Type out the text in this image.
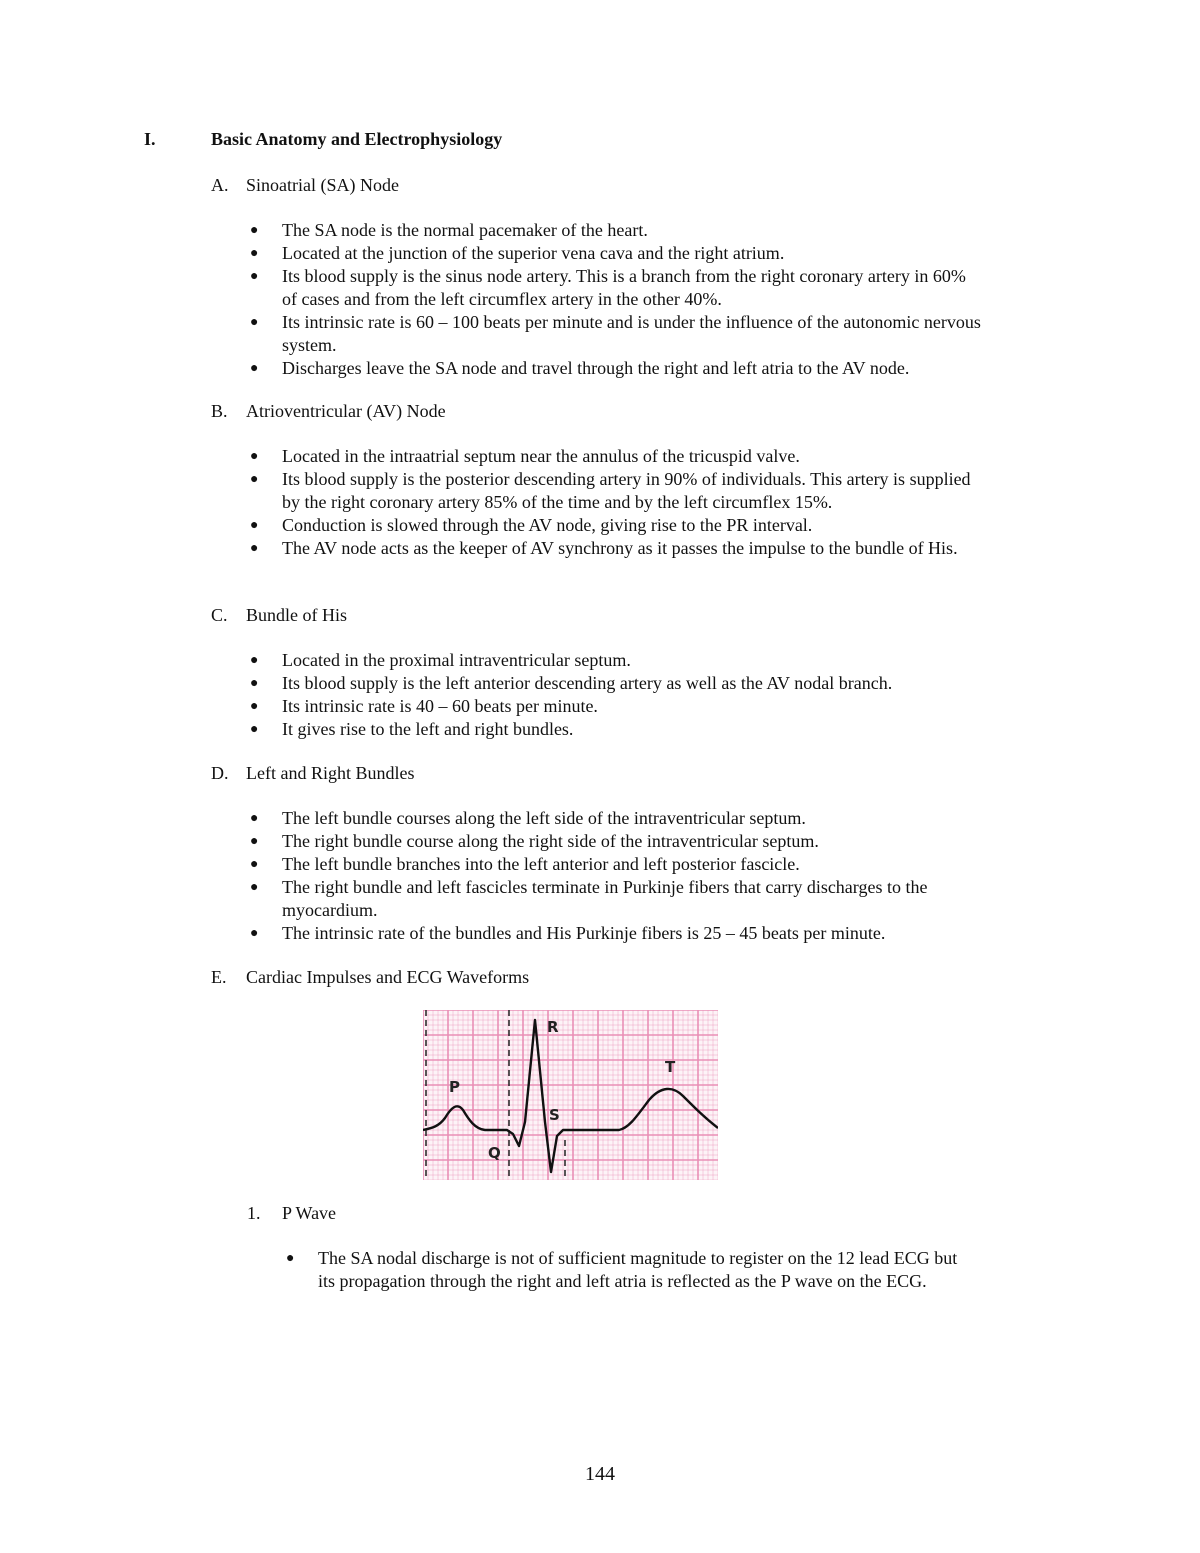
I.	Basic Anatomy and Electrophysiology
A. Sinoatrial (SA) Node
● The SA node is the normal pacemaker of the heart.
● Located at the junction of the superior vena cava and the right atrium.
● Its blood supply is the sinus node artery. This is a branch from the right coronary artery in 60% of cases and from the left circumflex artery in the other 40%.
● Its intrinsic rate is 60 – 100 beats per minute and is under the influence of the autonomic nervous system.
● Discharges leave the SA node and travel through the right and left atria to the AV node.
B. Atrioventricular (AV) Node
● Located in the intraatrial septum near the annulus of the tricuspid valve.
● Its blood supply is the posterior descending artery in 90% of individuals. This artery is supplied by the right coronary artery 85% of the time and by the left circumflex 15%.
● Conduction is slowed through the AV node, giving rise to the PR interval.
● The AV node acts as the keeper of AV synchrony as it passes the impulse to the bundle of His.
C. Bundle of His
● Located in the proximal intraventricular septum.
● Its blood supply is the left anterior descending artery as well as the AV nodal branch.
● Its intrinsic rate is 40 – 60 beats per minute.
● It gives rise to the left and right bundles.
D. Left and Right Bundles
● The left bundle courses along the left side of the intraventricular septum.
● The right bundle course along the right side of the intraventricular septum.
● The left bundle branches into the left anterior and left posterior fascicle.
● The right bundle and left fascicles terminate in Purkinje fibers that carry discharges to the myocardium.
● The intrinsic rate of the bundles and His Purkinje fibers is 25 – 45 beats per minute.
E. Cardiac Impulses and ECG Waveforms
R
P
T
S
Q
1. P Wave
● The SA nodal discharge is not of sufficient magnitude to register on the 12 lead ECG but its propagation through the right and left atria is reflected as the P wave on the ECG.
144
